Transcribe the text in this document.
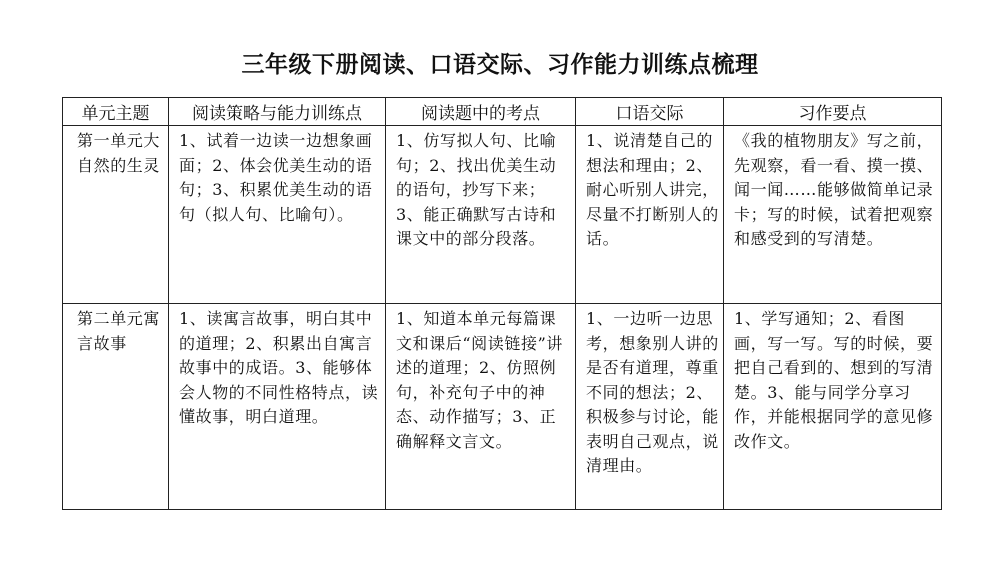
三年级下册阅读、口语交际、习作能力训练点梳理
单元主题	阅读策略与能力训练点	阅读题中的考点	口语交际	习作要点
第一单元大自然的生灵	1、试着一边读一边想象画面；2、体会优美生动的语句；3、积累优美生动的语句（拟人句、比喻句）。	1、仿写拟人句、比喻句；2、找出优美生动的语句，抄写下来；3、能正确默写古诗和课文中的部分段落。	1、说清楚自己的想法和理由；2、耐心听别人讲完，尽量不打断别人的话。	《我的植物朋友》写之前，先观察，看一看、摸一摸、闻一闻……能够做简单记录卡；写的时候，试着把观察和感受到的写清楚。
第二单元寓言故事	1、读寓言故事，明白其中的道理；2、积累出自寓言故事中的成语。3、能够体会人物的不同性格特点，读懂故事，明白道理。	1、知道本单元每篇课文和课后“阅读链接”讲述的道理；2、仿照例句，补充句子中的神态、动作描写；3、正确解释文言文。	1、一边听一边思考，想象别人讲的是否有道理，尊重不同的想法；2、积极参与讨论，能表明自己观点，说清理由。	1、学写通知；2、看图画，写一写。写的时候，要把自己看到的、想到的写清楚。3、能与同学分享习作，并能根据同学的意见修改作文。
